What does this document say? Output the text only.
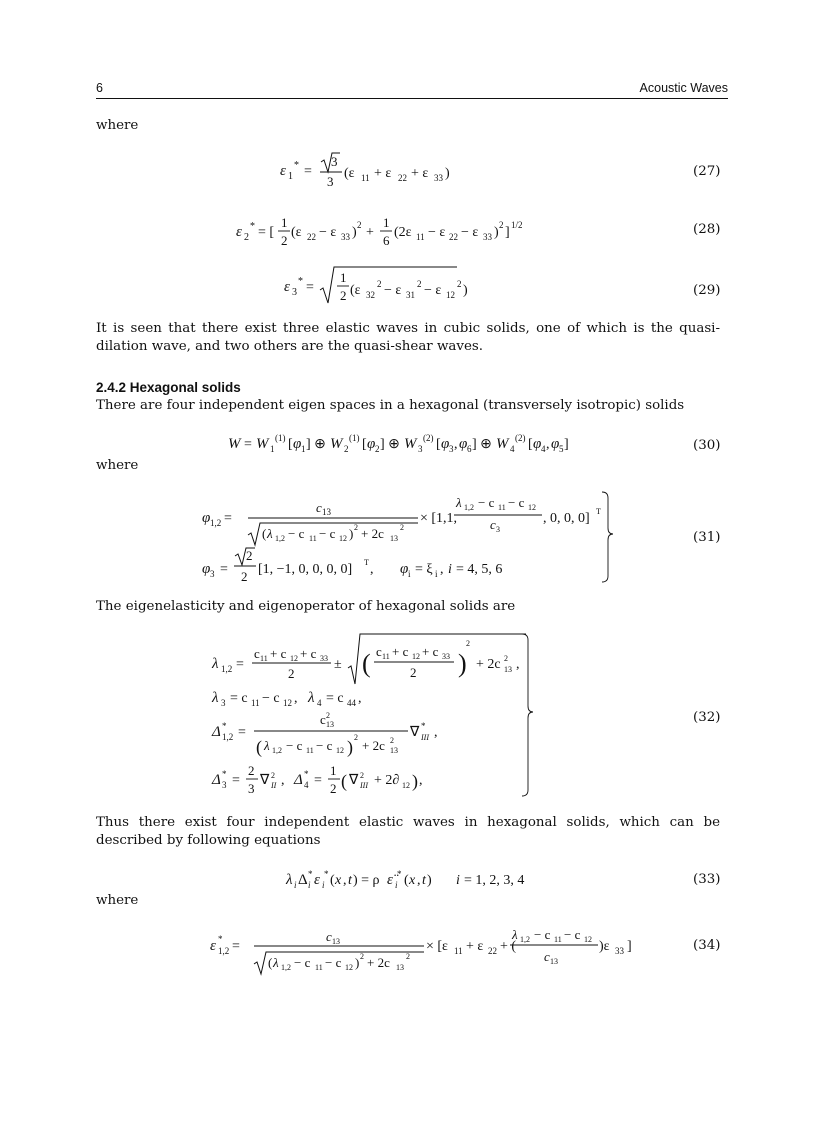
6	Acoustic Waves
where
ε 1
* =
3
3
(ε 11 + ε 22 + ε 33 )	(27)
ε 2
* = [
1
2
(ε 22 − ε 33 ) 2 +
1
6
(2ε 11 − ε 22 − ε 33 ) 2 ] 1/2	(28)
ε 3
* =
1
2 (ε 32
2 − ε 31
2 − ε 12
2 )	(29)
It is seen that there exist three elastic waves in cubic solids, one of which is the quasi-dilation wave, and two others are the quasi-shear waves.
2.4.2 Hexagonal solids
There are four independent eigen spaces in a hexagonal (transversely isotropic) solids
W = W 1
(1) [ φ 1 ] ⊕ W 2
(1) [ φ 2 ] ⊕ W 3
(2) [ φ 3 , φ 6 ] ⊕ W 4
(2) [ φ 4 , φ 5 ]	(30)
where
φ 1,2 =
c 13
( λ 1,2 − c 11 − c 12 ) 2 + 2c 13
2
× [1,1,
λ 1,2 − c 11 − c 12
c 3
, 0, 0, 0] T
φ 3 =
2
2 [1, −1, 0, 0, 0, 0] T , φ i = ξ i , i = 4, 5, 6
(31)
The eigenelasticity and eigenoperator of hexagonal solids are
λ 1,2 =
c 11 + c 12 + c 33
2
± ( c 11 + c 12 + c 33
2 )
2
+ 2c 2
13 ,
λ 3 = c 11 − c 12 , λ 4 = c 44 ,
Δ 1,2
* =
c 2
13
( λ 1,2 − c 11 − c 12 ) 2
+ 2c 2
13
∇ III
* ,
Δ 3
* =
2
3
∇ 2
II , Δ 4
* =
1
2 ( ∇ 2
III + 2∂ 12 ) ,
(32)
Thus there exist four independent elastic waves in hexagonal solids, which can be described by following equations
λ i Δ i
* ε i
* ( x , t ) = ρ ε̈ i
* ( x , t ) i = 1, 2, 3, 4	(33)
where
ε 1,2
* =
c 13
( λ 1,2 − c 11 − c 12 ) 2 + 2c 13
2
× [ε 11 + ε 22 + (
λ 1,2 − c 11 − c 12
c 13
)ε 33 ]	(34)
